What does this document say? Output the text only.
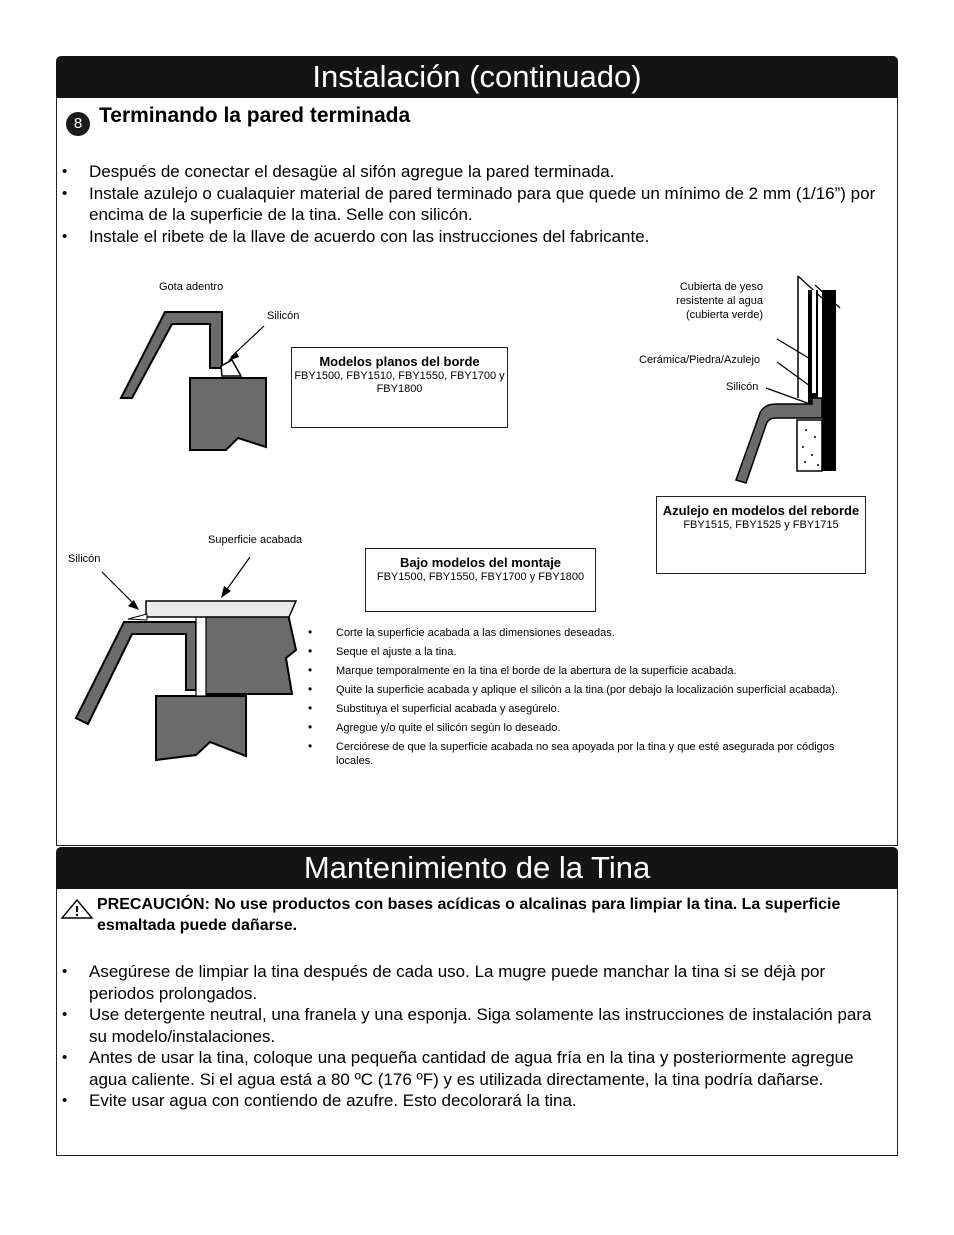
Instalación (continuado)
8 Terminando la pared terminada
• Después de conectar el desagüe al sifón agregue la pared terminada.
• Instale azulejo o cualaquier material de pared terminado para que quede un mínimo de 2 mm (1/16”) por encima de la superficie de la tina. Selle con silicón.
• Instale el ribete de la llave de acuerdo con las instrucciones del fabricante.
Gota adentro
Silicón
Modelos planos del borde
FBY1500, FBY1510, FBY1550, FBY1700 y FBY1800
Cubierta de yeso resistente al agua (cubierta verde)
Cerámica/Piedra/Azulejo
Silicón
Azulejo en modelos del reborde
FBY1515, FBY1525 y FBY1715
Silicón
Superficie acabada
Bajo modelos del montaje
FBY1500, FBY1550, FBY1700 y FBY1800
• Corte la superficie acabada a las dimensiones deseadas.
• Seque el ajuste a la tina.
• Marque temporalmente en la tina el borde de la abertura de la superficie acabada.
• Quite la superficie acabada y aplique el silicón a la tina (por debajo la localización superficial acabada).
• Substituya el superficial acabada y asegúrelo.
• Agregue y/o quite el silicón según lo deseado.
• Cerciórese de que la superficie acabada no sea apoyada por la tina y que esté asegurada por códigos locales.
Mantenimiento de la Tina
PRECAUCIÓN: No use productos con bases acídicas o alcalinas para limpiar la tina. La superficie esmaltada puede dañarse.
• Asegúrese de limpiar la tina después de cada uso. La mugre puede manchar la tina si se déjà por periodos prolongados.
• Use detergente neutral, una franela y una esponja. Siga solamente las instrucciones de instalación para su modelo/instalaciones.
• Antes de usar la tina, coloque una pequeña cantidad de agua fría en la tina y posteriormente agregue agua caliente. Si el agua está a 80 ºC (176 ºF) y es utilizada directamente, la tina podría dañarse.
• Evite usar agua con contiendo de azufre. Esto decolorará la tina.
